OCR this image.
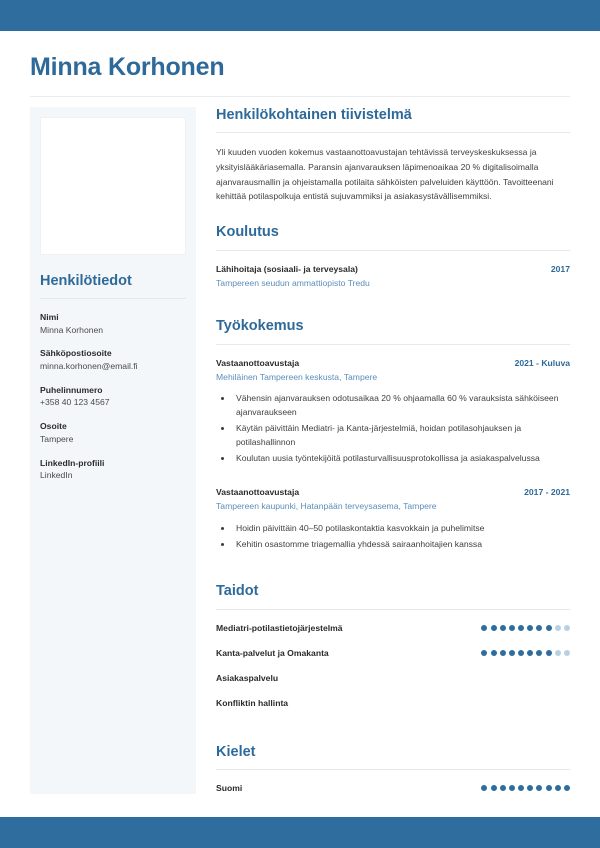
Minna Korhonen
Henkilötiedot
Nimi
Minna Korhonen
Sähköpostiosoite
minna.korhonen@email.fi
Puhelinnumero
+358 40 123 4567
Osoite
Tampere
LinkedIn-profiili
LinkedIn
Henkilökohtainen tiivistelmä

Yli kuuden vuoden kokemus vastaanottoavustajan tehtävissä terveyskeskuksessa ja yksityislääkäriasemalla. Paransin ajanvarauksen läpimenoaikaa 20 % digitalisoimalla ajanvarausmallin ja ohjeistamalla potilaita sähköisten palveluiden käyttöön. Tavoitteenani kehittää potilaspolkuja entistä sujuvammiksi ja asiakasystävällisemmiksi.

Koulutus
Lähihoitaja (sosiaali- ja terveysala)	2017
Tampereen seudun ammattiopisto Tredu
Työkokemus
Vastaanottoavustaja	2021 - Kuluva
Mehiläinen Tampereen keskusta, Tampere
• Vähensin ajanvarauksen odotusaikaa 20 % ohjaamalla 60 % varauksista sähköiseen ajanvaraukseen
• Käytän päivittäin Mediatri- ja Kanta-järjestelmiä, hoidan potilasohjauksen ja potilashallinnon
• Koulutan uusia työntekijöitä potilasturvallisuusprotokollissa ja asiakaspalvelussa
Vastaanottoavustaja	2017 - 2021
Tampereen kaupunki, Hatanpään terveysasema, Tampere
• Hoidin päivittäin 40–50 potilaskontaktia kasvokkain ja puhelimitse
• Kehitin osastomme triagemallia yhdessä sairaanhoitajien kanssa
Taidot
Mediatri-potilastietojärjestelmä
Kanta-palvelut ja Omakanta
Asiakaspalvelu
Konfliktin hallinta
Kielet
Suomi
